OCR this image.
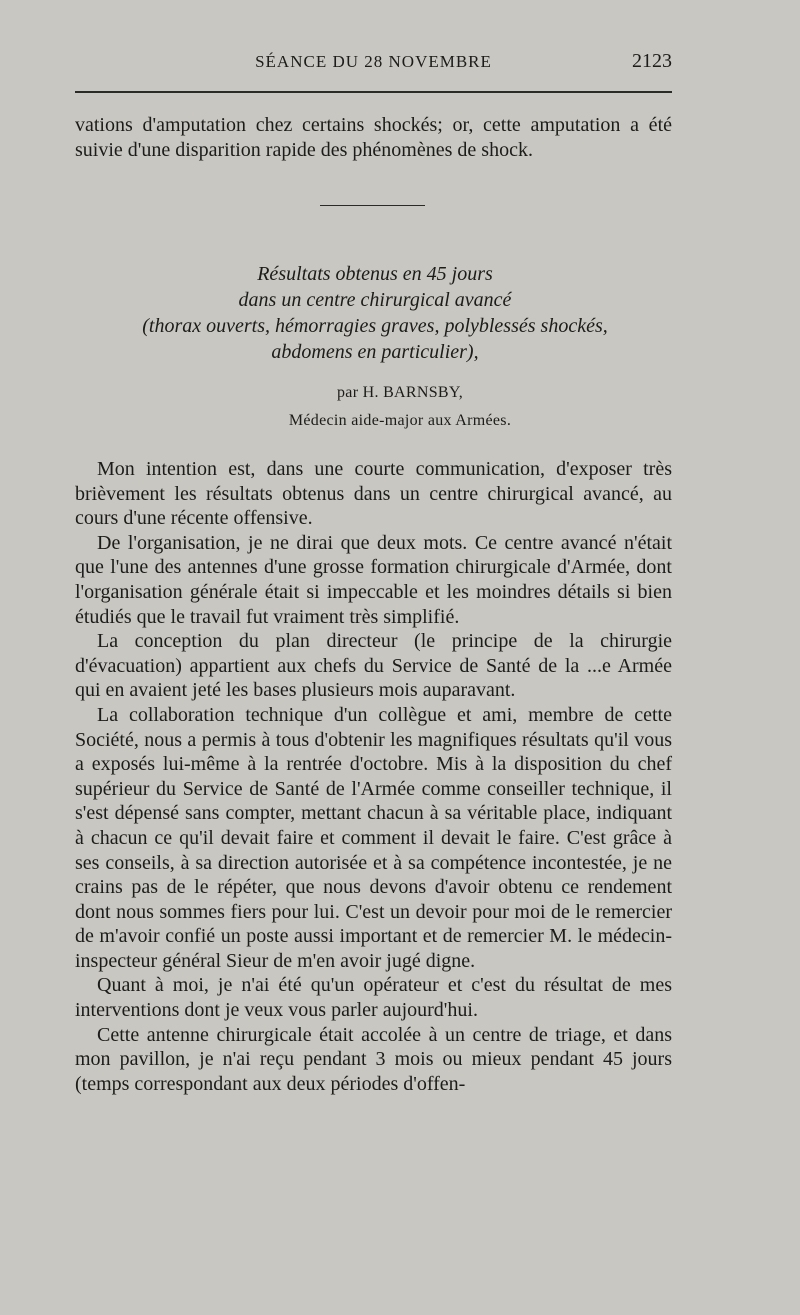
SÉANCE DU 28 NOVEMBRE	2123

vations d'amputation chez certains shockés; or, cette amputation a été suivie d'une disparition rapide des phénomènes de shock.

Résultats obtenus en 45 jours
dans un centre chirurgical avancé
(thorax ouverts, hémorragies graves, polyblessés shockés,
abdomens en particulier),
par H. BARNSBY,
Médecin aide-major aux Armées.

Mon intention est, dans une courte communication, d'exposer très brièvement les résultats obtenus dans un centre chirurgical avancé, au cours d'une récente offensive.

De l'organisation, je ne dirai que deux mots. Ce centre avancé n'était que l'une des antennes d'une grosse formation chirurgicale d'Armée, dont l'organisation générale était si impeccable et les moindres détails si bien étudiés que le travail fut vraiment très simplifié.

La conception du plan directeur (le principe de la chirurgie d'évacuation) appartient aux chefs du Service de Santé de la ...e Armée qui en avaient jeté les bases plusieurs mois auparavant.

La collaboration technique d'un collègue et ami, membre de cette Société, nous a permis à tous d'obtenir les magnifiques résultats qu'il vous a exposés lui-même à la rentrée d'octobre. Mis à la disposition du chef supérieur du Service de Santé de l'Armée comme conseiller technique, il s'est dépensé sans compter, mettant chacun à sa véritable place, indiquant à chacun ce qu'il devait faire et comment il devait le faire. C'est grâce à ses conseils, à sa direction autorisée et à sa compétence incontestée, je ne crains pas de le répéter, que nous devons d'avoir obtenu ce rendement dont nous sommes fiers pour lui. C'est un devoir pour moi de le remercier de m'avoir confié un poste aussi important et de remercier M. le médecin-inspecteur général Sieur de m'en avoir jugé digne.

Quant à moi, je n'ai été qu'un opérateur et c'est du résultat de mes interventions dont je veux vous parler aujourd'hui.

Cette antenne chirurgicale était accolée à un centre de triage, et dans mon pavillon, je n'ai reçu pendant 3 mois ou mieux pendant 45 jours (temps correspondant aux deux périodes d'offen-
